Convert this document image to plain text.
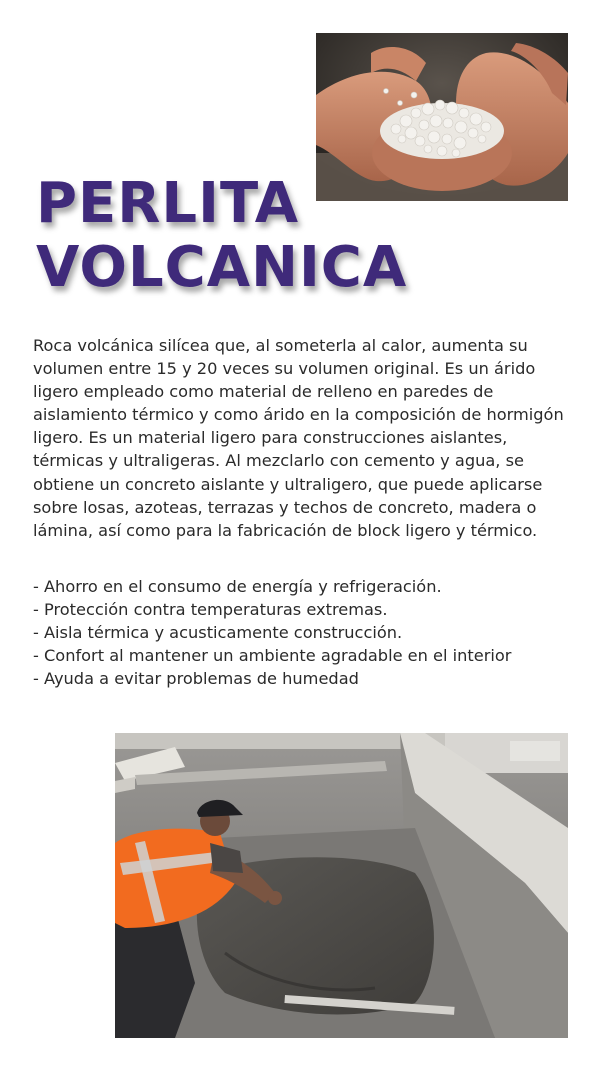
PERLITA
VOLCANICA

Roca volcánica silícea que, al someterla al calor, aumenta su volumen entre 15 y 20 veces su volumen original. Es un árido ligero empleado como material de relleno en paredes de aislamiento térmico y como árido en la composición de hormigón ligero. Es un material ligero para construcciones aislantes, térmicas y ultraligeras. Al mezclarlo con cemento y agua, se obtiene un concreto aislante y ultraligero, que puede aplicarse sobre losas, azoteas, terrazas y techos de concreto, madera o lámina, así como para la fabricación de block ligero y térmico.

- Ahorro en el consumo de energía y refrigeración.
- Protección contra temperaturas extremas.
- Aisla térmica y acusticamente construcción.
- Confort al mantener un ambiente agradable en el interior
- Ayuda a evitar problemas de humedad
